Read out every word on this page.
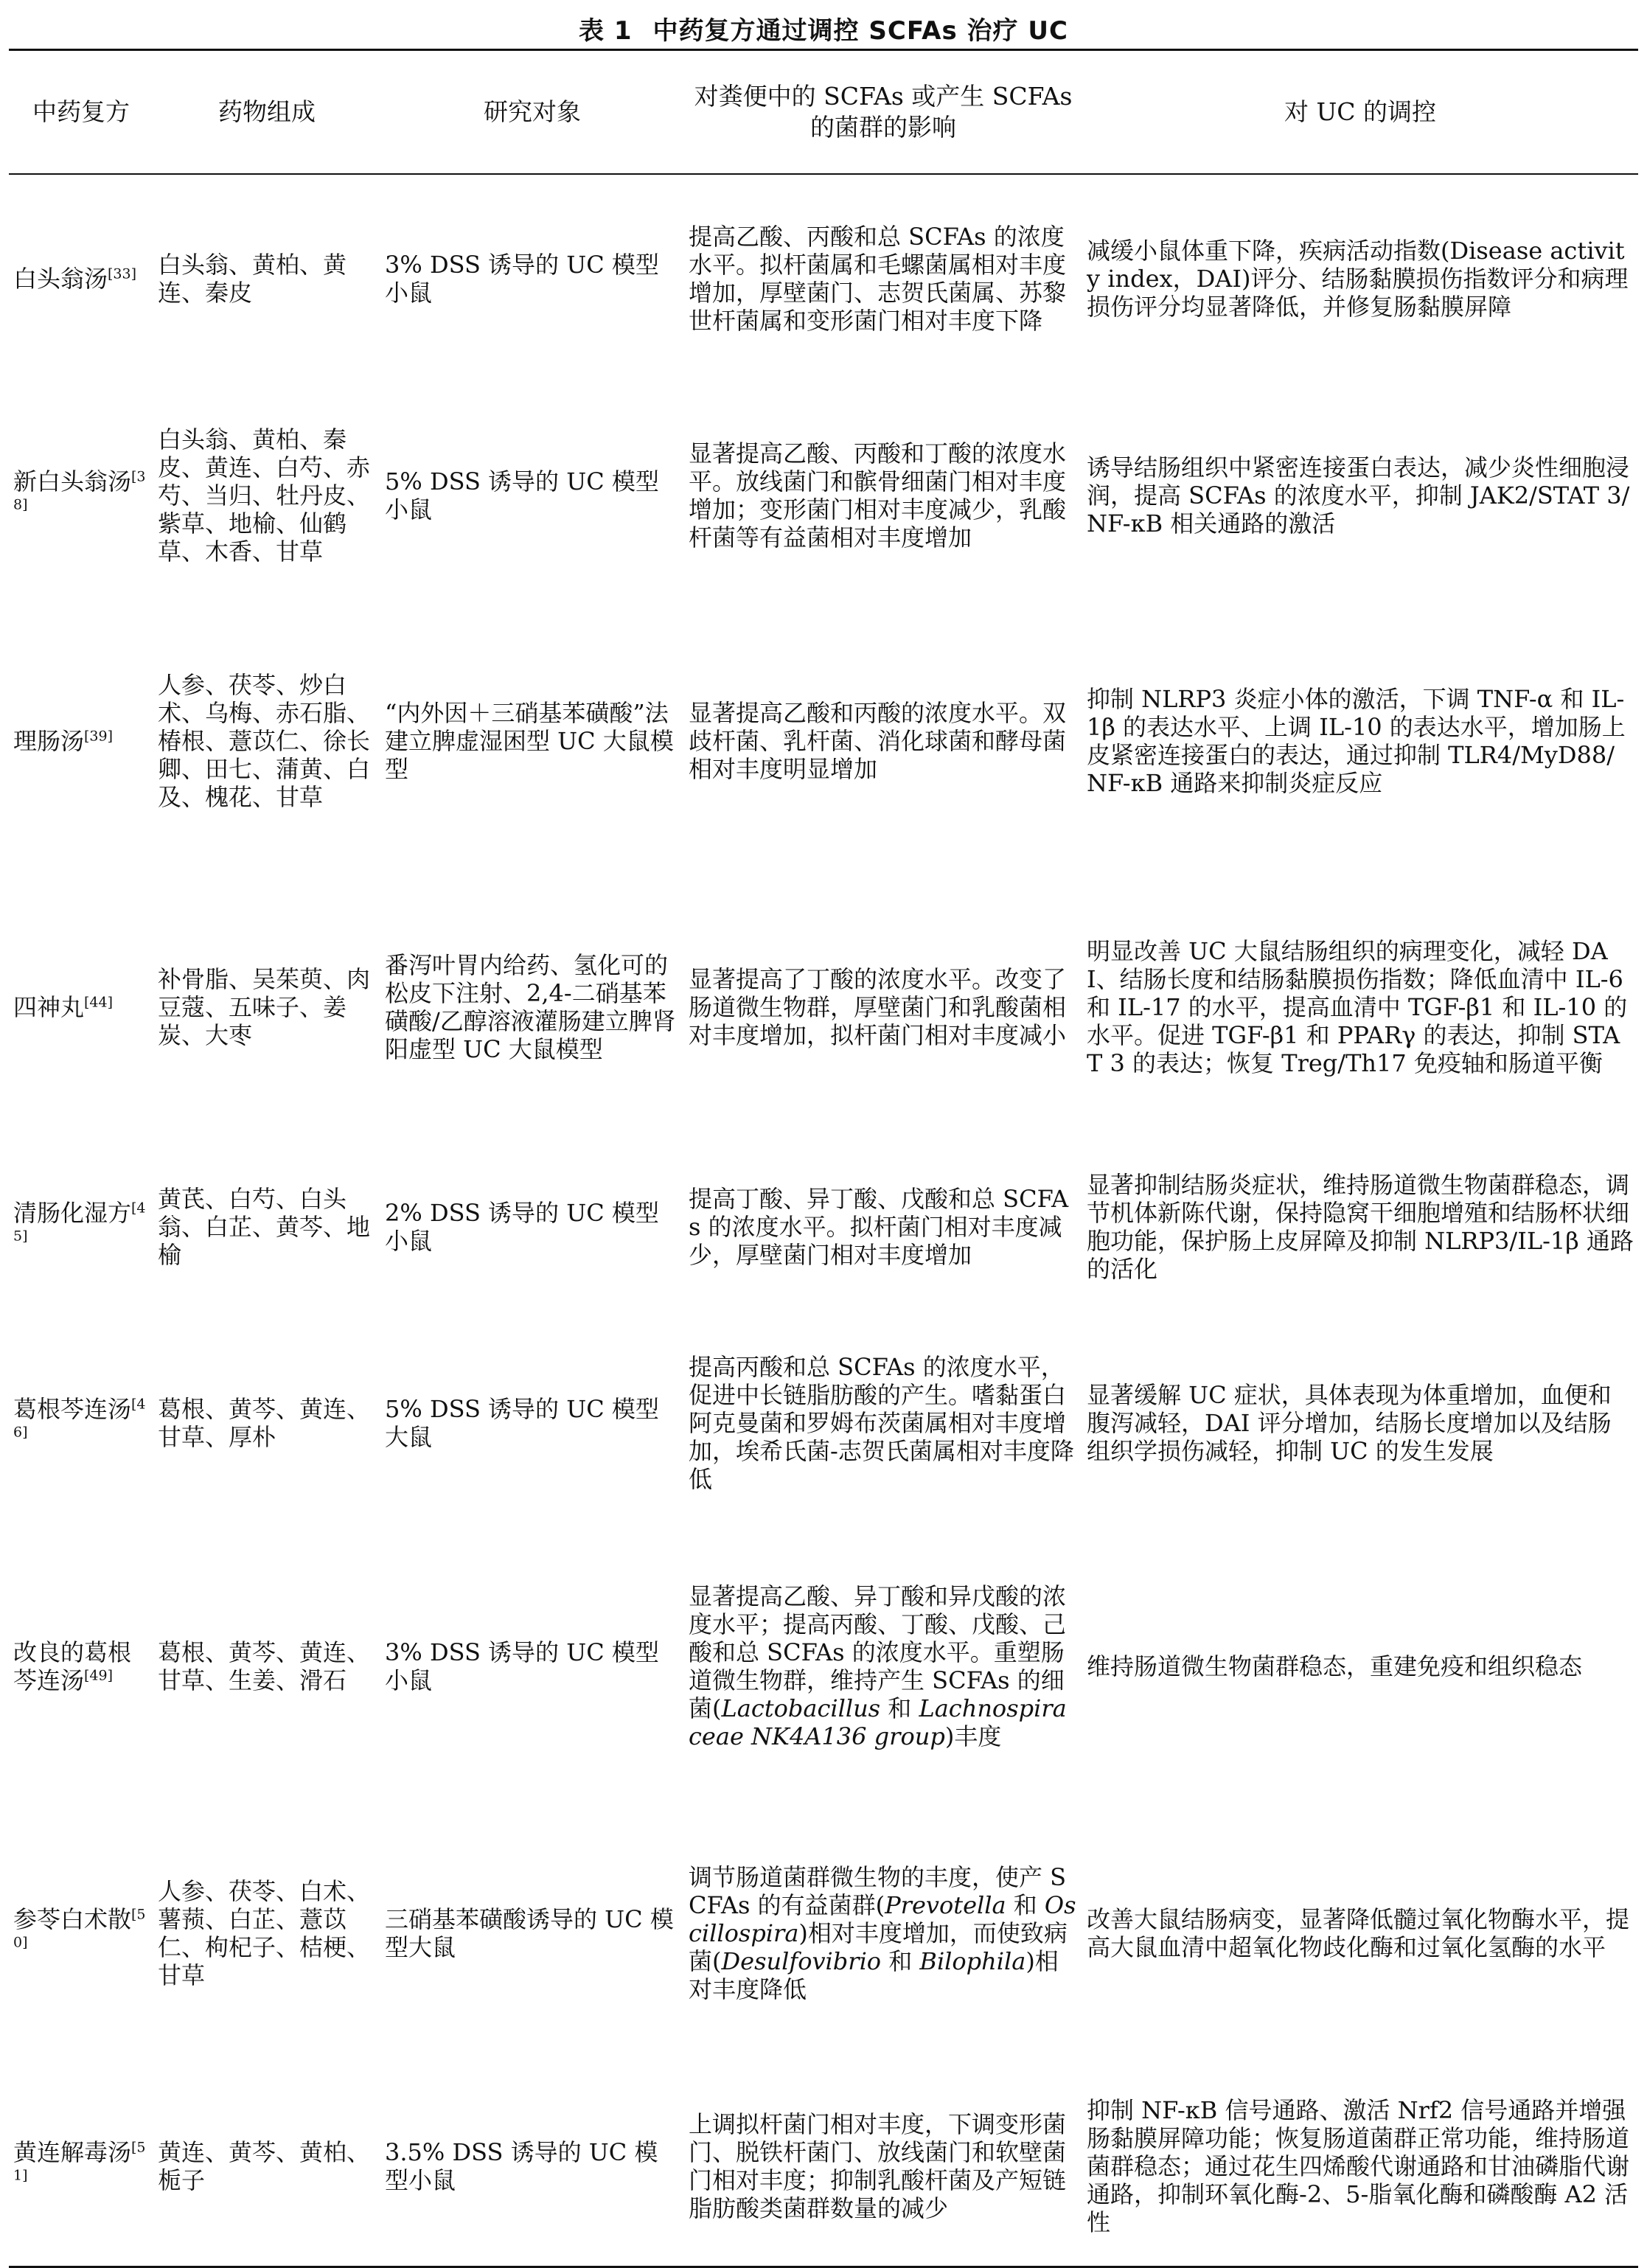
表 1 中药复方通过调控 SCFAs 治疗 UC
中药复方	药物组成	研究对象	对粪便中的 SCFAs 或产生 SCFAs 的菌群的影响	对 UC 的调控
白头翁汤[33]	白头翁、黄柏、黄连、秦皮	3% DSS 诱导的 UC 模型小鼠	提高乙酸、丙酸和总 SCFAs 的浓度水平。拟杆菌属和毛螺菌属相对丰度增加，厚壁菌门、志贺氏菌属、苏黎世杆菌属和变形菌门相对丰度下降	减缓小鼠体重下降，疾病活动指数(Disease activity index，DAI)评分、结肠黏膜损伤指数评分和病理损伤评分均显著降低，并修复肠黏膜屏障
新白头翁汤[38]	白头翁、黄柏、秦皮、黄连、白芍、赤芍、当归、牡丹皮、紫草、地榆、仙鹤草、木香、甘草	5% DSS 诱导的 UC 模型小鼠	显著提高乙酸、丙酸和丁酸的浓度水平。放线菌门和髌骨细菌门相对丰度增加；变形菌门相对丰度减少，乳酸杆菌等有益菌相对丰度增加	诱导结肠组织中紧密连接蛋白表达，减少炎性细胞浸润，提高 SCFAs 的浓度水平，抑制 JAK2/STAT 3/NF-κB 相关通路的激活
理肠汤[39]	人参、茯苓、炒白术、乌梅、赤石脂、椿根、薏苡仁、徐长卿、田七、蒲黄、白及、槐花、甘草	“内外因＋三硝基苯磺酸”法建立脾虚湿困型 UC 大鼠模型	显著提高乙酸和丙酸的浓度水平。双歧杆菌、乳杆菌、消化球菌和酵母菌相对丰度明显增加	抑制 NLRP3 炎症小体的激活，下调 TNF-α 和 IL-1β 的表达水平、上调 IL-10 的表达水平，增加肠上皮紧密连接蛋白的表达，通过抑制 TLR4/MyD88/NF-κB 通路来抑制炎症反应
四神丸[44]	补骨脂、吴茱萸、肉豆蔻、五味子、姜炭、大枣	番泻叶胃内给药、氢化可的松皮下注射、2,4-二硝基苯磺酸/乙醇溶液灌肠建立脾肾阳虚型 UC 大鼠模型	显著提高了丁酸的浓度水平。改变了肠道微生物群，厚壁菌门和乳酸菌相对丰度增加，拟杆菌门相对丰度减小	明显改善 UC 大鼠结肠组织的病理变化，减轻 DAI、结肠长度和结肠黏膜损伤指数；降低血清中 IL-6 和 IL-17 的水平，提高血清中 TGF-β1 和 IL-10 的水平。促进 TGF-β1 和 PPARγ 的表达，抑制 STAT 3 的表达；恢复 Treg/Th17 免疫轴和肠道平衡
清肠化湿方[45]	黄芪、白芍、白头翁、白芷、黄芩、地榆	2% DSS 诱导的 UC 模型小鼠	提高丁酸、异丁酸、戊酸和总 SCFAs 的浓度水平。拟杆菌门相对丰度减少，厚壁菌门相对丰度增加	显著抑制结肠炎症状，维持肠道微生物菌群稳态，调节机体新陈代谢，保持隐窝干细胞增殖和结肠杯状细胞功能，保护肠上皮屏障及抑制 NLRP3/IL-1β 通路的活化
葛根芩连汤[46]	葛根、黄芩、黄连、甘草、厚朴	5% DSS 诱导的 UC 模型大鼠	提高丙酸和总 SCFAs 的浓度水平，促进中长链脂肪酸的产生。嗜黏蛋白阿克曼菌和罗姆布茨菌属相对丰度增加，埃希氏菌-志贺氏菌属相对丰度降低	显著缓解 UC 症状，具体表现为体重增加，血便和腹泻减轻，DAI 评分增加，结肠长度增加以及结肠组织学损伤减轻，抑制 UC 的发生发展
改良的葛根芩连汤[49]	葛根、黄芩、黄连、甘草、生姜、滑石	3% DSS 诱导的 UC 模型小鼠	显著提高乙酸、异丁酸和异戊酸的浓度水平；提高丙酸、丁酸、戊酸、己酸和总 SCFAs 的浓度水平。重塑肠道微生物群，维持产生 SCFAs 的细菌(Lactobacillus 和 Lachnospiraceae NK4A136 group)丰度	维持肠道微生物菌群稳态，重建免疫和组织稳态
参苓白术散[50]	人参、茯苓、白术、薯蓣、白芷、薏苡仁、枸杞子、桔梗、甘草	三硝基苯磺酸诱导的 UC 模型大鼠	调节肠道菌群微生物的丰度，使产 SCFAs 的有益菌群(Prevotella 和 Oscillospira)相对丰度增加，而使致病菌(Desulfovibrio 和 Bilophila)相对丰度降低	改善大鼠结肠病变，显著降低髓过氧化物酶水平，提高大鼠血清中超氧化物歧化酶和过氧化氢酶的水平
黄连解毒汤[51]	黄连、黄芩、黄柏、栀子	3.5% DSS 诱导的 UC 模型小鼠	上调拟杆菌门相对丰度，下调变形菌门、脱铁杆菌门、放线菌门和软壁菌门相对丰度；抑制乳酸杆菌及产短链脂肪酸类菌群数量的减少	抑制 NF-κB 信号通路、激活 Nrf2 信号通路并增强肠黏膜屏障功能；恢复肠道菌群正常功能，维持肠道菌群稳态；通过花生四烯酸代谢通路和甘油磷脂代谢通路，抑制环氧化酶-2、5-脂氧化酶和磷酸酶 A2 活性
